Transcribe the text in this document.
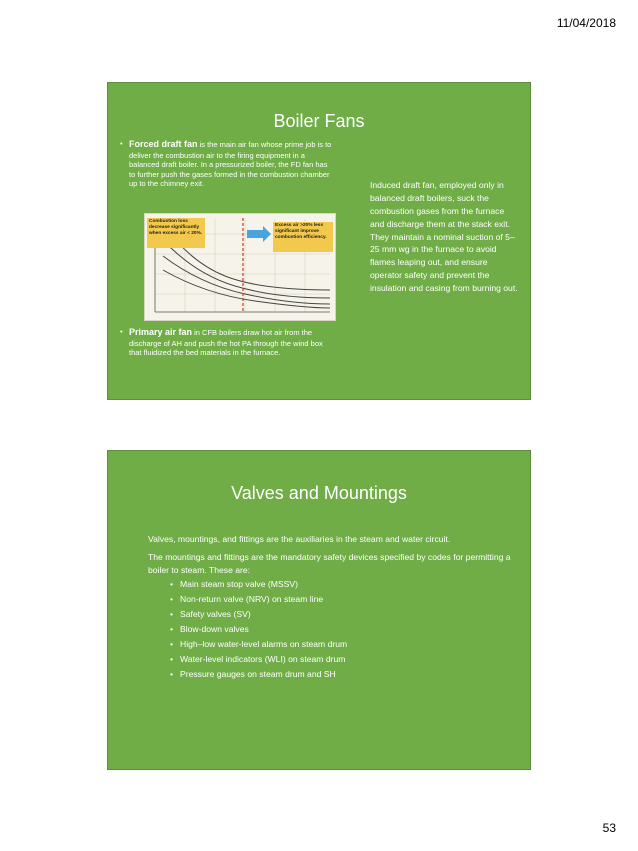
11/04/2018
Boiler Fans
• Forced draft fan is the main air fan whose prime job is to deliver the combustion air to the firing equipment in a balanced draft boiler. In a pressurized boiler, the FD fan has to further push the gases formed in the combustion chamber up to the chimney exit.
Combustion loss decrease significantly when excess air < 20%.
Excess air >20% less significant improve combustion efficiency.
• Primary air fan in CFB boilers draw hot air from the discharge of AH and push the hot PA through the wind box that fluidized the bed materials in the furnace.
Induced draft fan, employed only in balanced draft boilers, suck the combustion gases from the furnace and discharge them at the stack exit. They maintain a nominal suction of 5–25 mm wg in the furnace to avoid flames leaping out, and ensure operator safety and prevent the insulation and casing from burning out.
Valves and Mountings

Valves, mountings, and fittings are the auxiliaries in the steam and water circuit.

The mountings and fittings are the mandatory safety devices specified by codes for permitting a boiler to steam. These are:

• Main steam stop valve (MSSV)
• Non-return valve (NRV) on steam line
• Safety valves (SV)
• Blow-down valves
• High–low water-level alarms on steam drum
• Water-level indicators (WLI) on steam drum
• Pressure gauges on steam drum and SH
53
